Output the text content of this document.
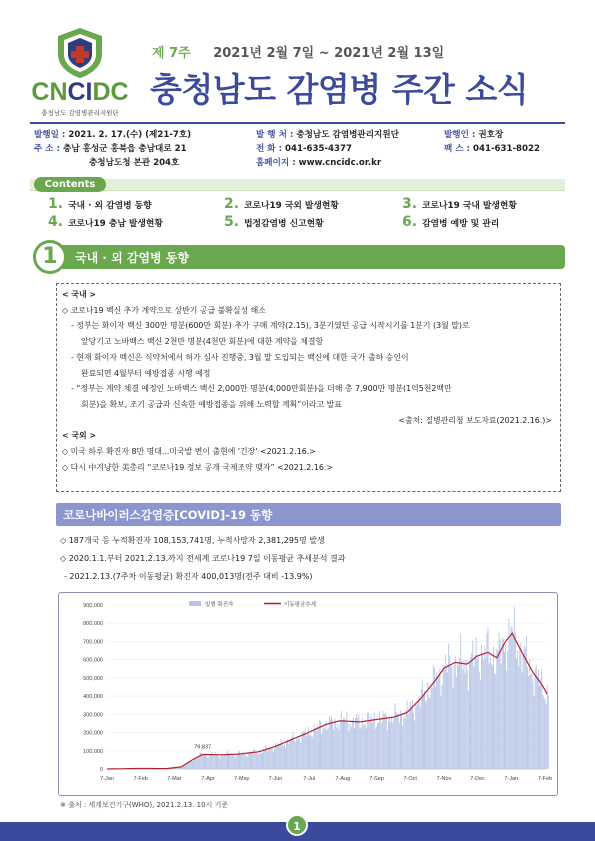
CNCIDC
충청남도 감염병관리지원단
제 7주 2021년 2월 7일 ~ 2021년 2월 13일
충청남도 감염병 주간 소식
발행일 : 2021. 2. 17.(수) (제21-7호)
주 소 : 충남 홍성군 홍북읍 충남대로 21
충청남도청 본관 204호
발 행 처 : 충청남도 감염병관리지원단
전 화 : 041-635-4377
홈페이지 : www.cncidc.or.kr
발행인 : 권호장
팩 스 : 041-631-8022
Contents
1. 국내 · 외 감염병 동향	2. 코로나19 국외 발생현황	3. 코로나19 국내 발생현황
4. 코로나19 충남 발생현황	5. 법정감염병 신고현황	6. 감염병 예방 및 관리
1	국내 · 외 감염병 동향
< 국내 >
◇ 코로나19 백신 추가 계약으로 상반기 공급 불확실성 해소
- 정부는 화이자 백신 300만 명분(600만 회분) 추가 구매 계약(2.15), 3분기였던 공급 시작시기를 1분기 (3월 말)로
앞당기고 노바백스 백신 2천만 명분(4천만 회분)에 대한 계약을 체결함
- 현재 화이자 백신은 식약처에서 허가 심사 진행중, 3월 말 도입되는 백신에 대한 국가 출하 승인이
완료되면 4월부터 예방접종 시행 예정
- “정부는 계약 체결 예정인 노바백스 백신 2,000만 명분(4,000만회분)을 더해 총 7,900만 명분(1억5천2백만
회분)을 확보, 조기 공급과 신속한 예방접종을 위해 노력할 계획”이라고 발표
<출처: 질병관리청 보도자료(2021.2.16.)>
< 국외 >
◇ 미국 하루 확진자 8만 명대...미국발 변이 출현에 '긴장' <2021.2.16.>
◇ 다시 中겨냥한 美총리 “코로나19 정보 공개 국제조약 맺자” <2021.2.16.>
코로나바이러스감염증[COVID]-19 동향
◇ 187개국 등 누적확진자 108,153,741명, 누적사망자 2,381,295명 발생
◇ 2020.1.1.부터 2021.2.13.까지 전세계 코로나19 7일 이동평균 추세분석 결과
- 2021.2.13.(7주차 이동평균) 확진자 400,013명(전주 대비 -13.9%)
900,000
800,000
700,000
600,000
500,000
400,000
300,000
200,000
100,000
0
7-Jan	7-Feb	7-Mar	7-Apr	7-May	7-Jun	7-Jul	7-Aug	7-Sep	7-Oct	7-Nov	7-Dec	7-Jan	7-Feb
79,837
일별 확진자	이동평균추세
※ 출처 : 세계보건기구(WHO), 2021.2.13. 10시 기준
1
